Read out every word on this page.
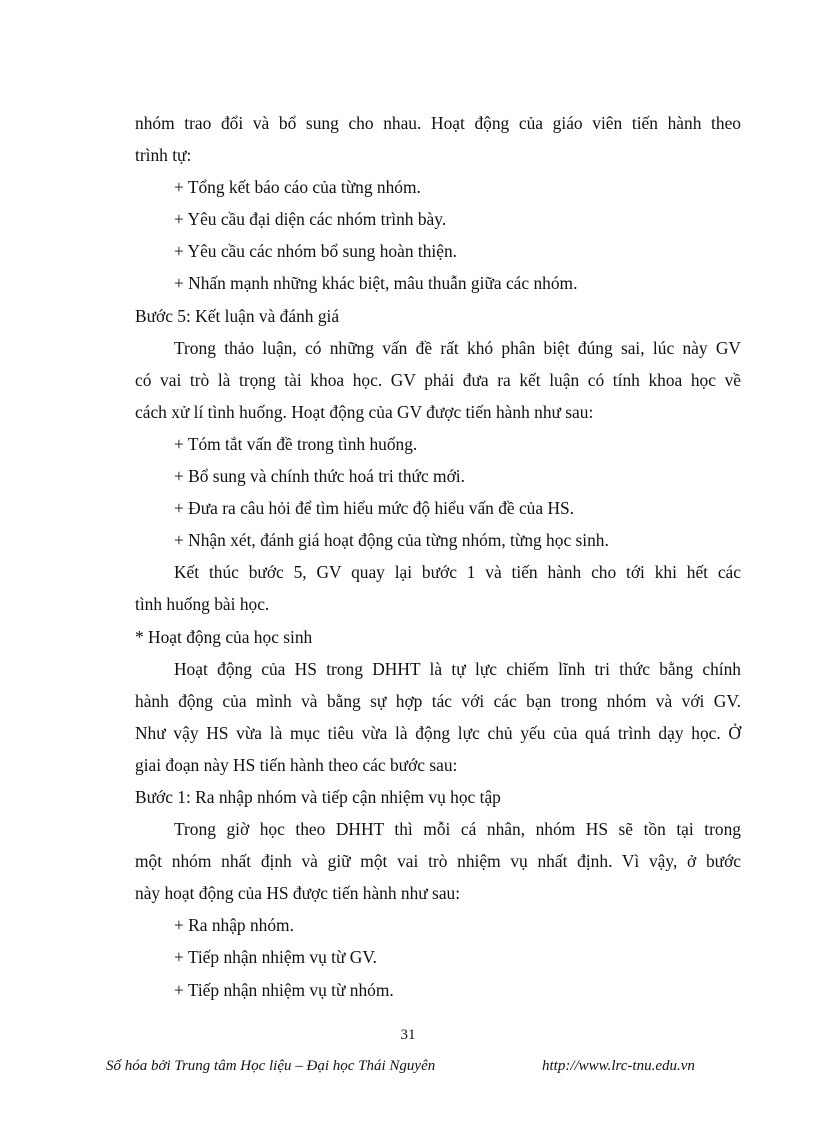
nhóm trao đổi và bổ sung cho nhau. Hoạt động của giáo viên tiến hành theo
trình tự:
+ Tổng kết báo cáo của từng nhóm.
+ Yêu cầu đại diện các nhóm trình bày.
+ Yêu cầu các nhóm bổ sung hoàn thiện.
+ Nhấn mạnh những khác biệt, mâu thuẫn giữa các nhóm.
Bước 5: Kết luận và đánh giá
Trong thảo luận, có những vấn đề rất khó phân biệt đúng sai, lúc này GV
có vai trò là trọng tài khoa học. GV phải đưa ra kết luận có tính khoa học về
cách xử lí tình huống. Hoạt động của GV được tiến hành như sau:
+ Tóm tắt vấn đề trong tình huống.
+ Bổ sung và chính thức hoá tri thức mới.
+ Đưa ra câu hỏi để tìm hiểu mức độ hiểu vấn đề của HS.
+ Nhận xét, đánh giá hoạt động của từng nhóm, từng học sinh.
Kết thúc bước 5, GV quay lại bước 1 và tiến hành cho tới khi hết các
tình huống bài học.
* Hoạt động của học sinh
Hoạt động của HS trong DHHT là tự lực chiếm lĩnh tri thức bằng chính
hành động của mình và bằng sự hợp tác với các bạn trong nhóm và với GV.
Như vậy HS vừa là mục tiêu vừa là động lực chủ yếu của quá trình dạy học. Ở
giai đoạn này HS tiến hành theo các bước sau:
Bước 1: Ra nhập nhóm và tiếp cận nhiệm vụ học tập
Trong giờ học theo DHHT thì mỗi cá nhân, nhóm HS sẽ tồn tại trong
một nhóm nhất định và giữ một vai trò nhiệm vụ nhất định. Vì vậy, ở bước
này hoạt động của HS được tiến hành như sau:
+ Ra nhập nhóm.
+ Tiếp nhận nhiệm vụ từ GV.
+ Tiếp nhận nhiệm vụ từ nhóm.
31
Số hóa bởi Trung tâm Học liệu – Đại học Thái Nguyên	http://www.lrc-tnu.edu.vn
